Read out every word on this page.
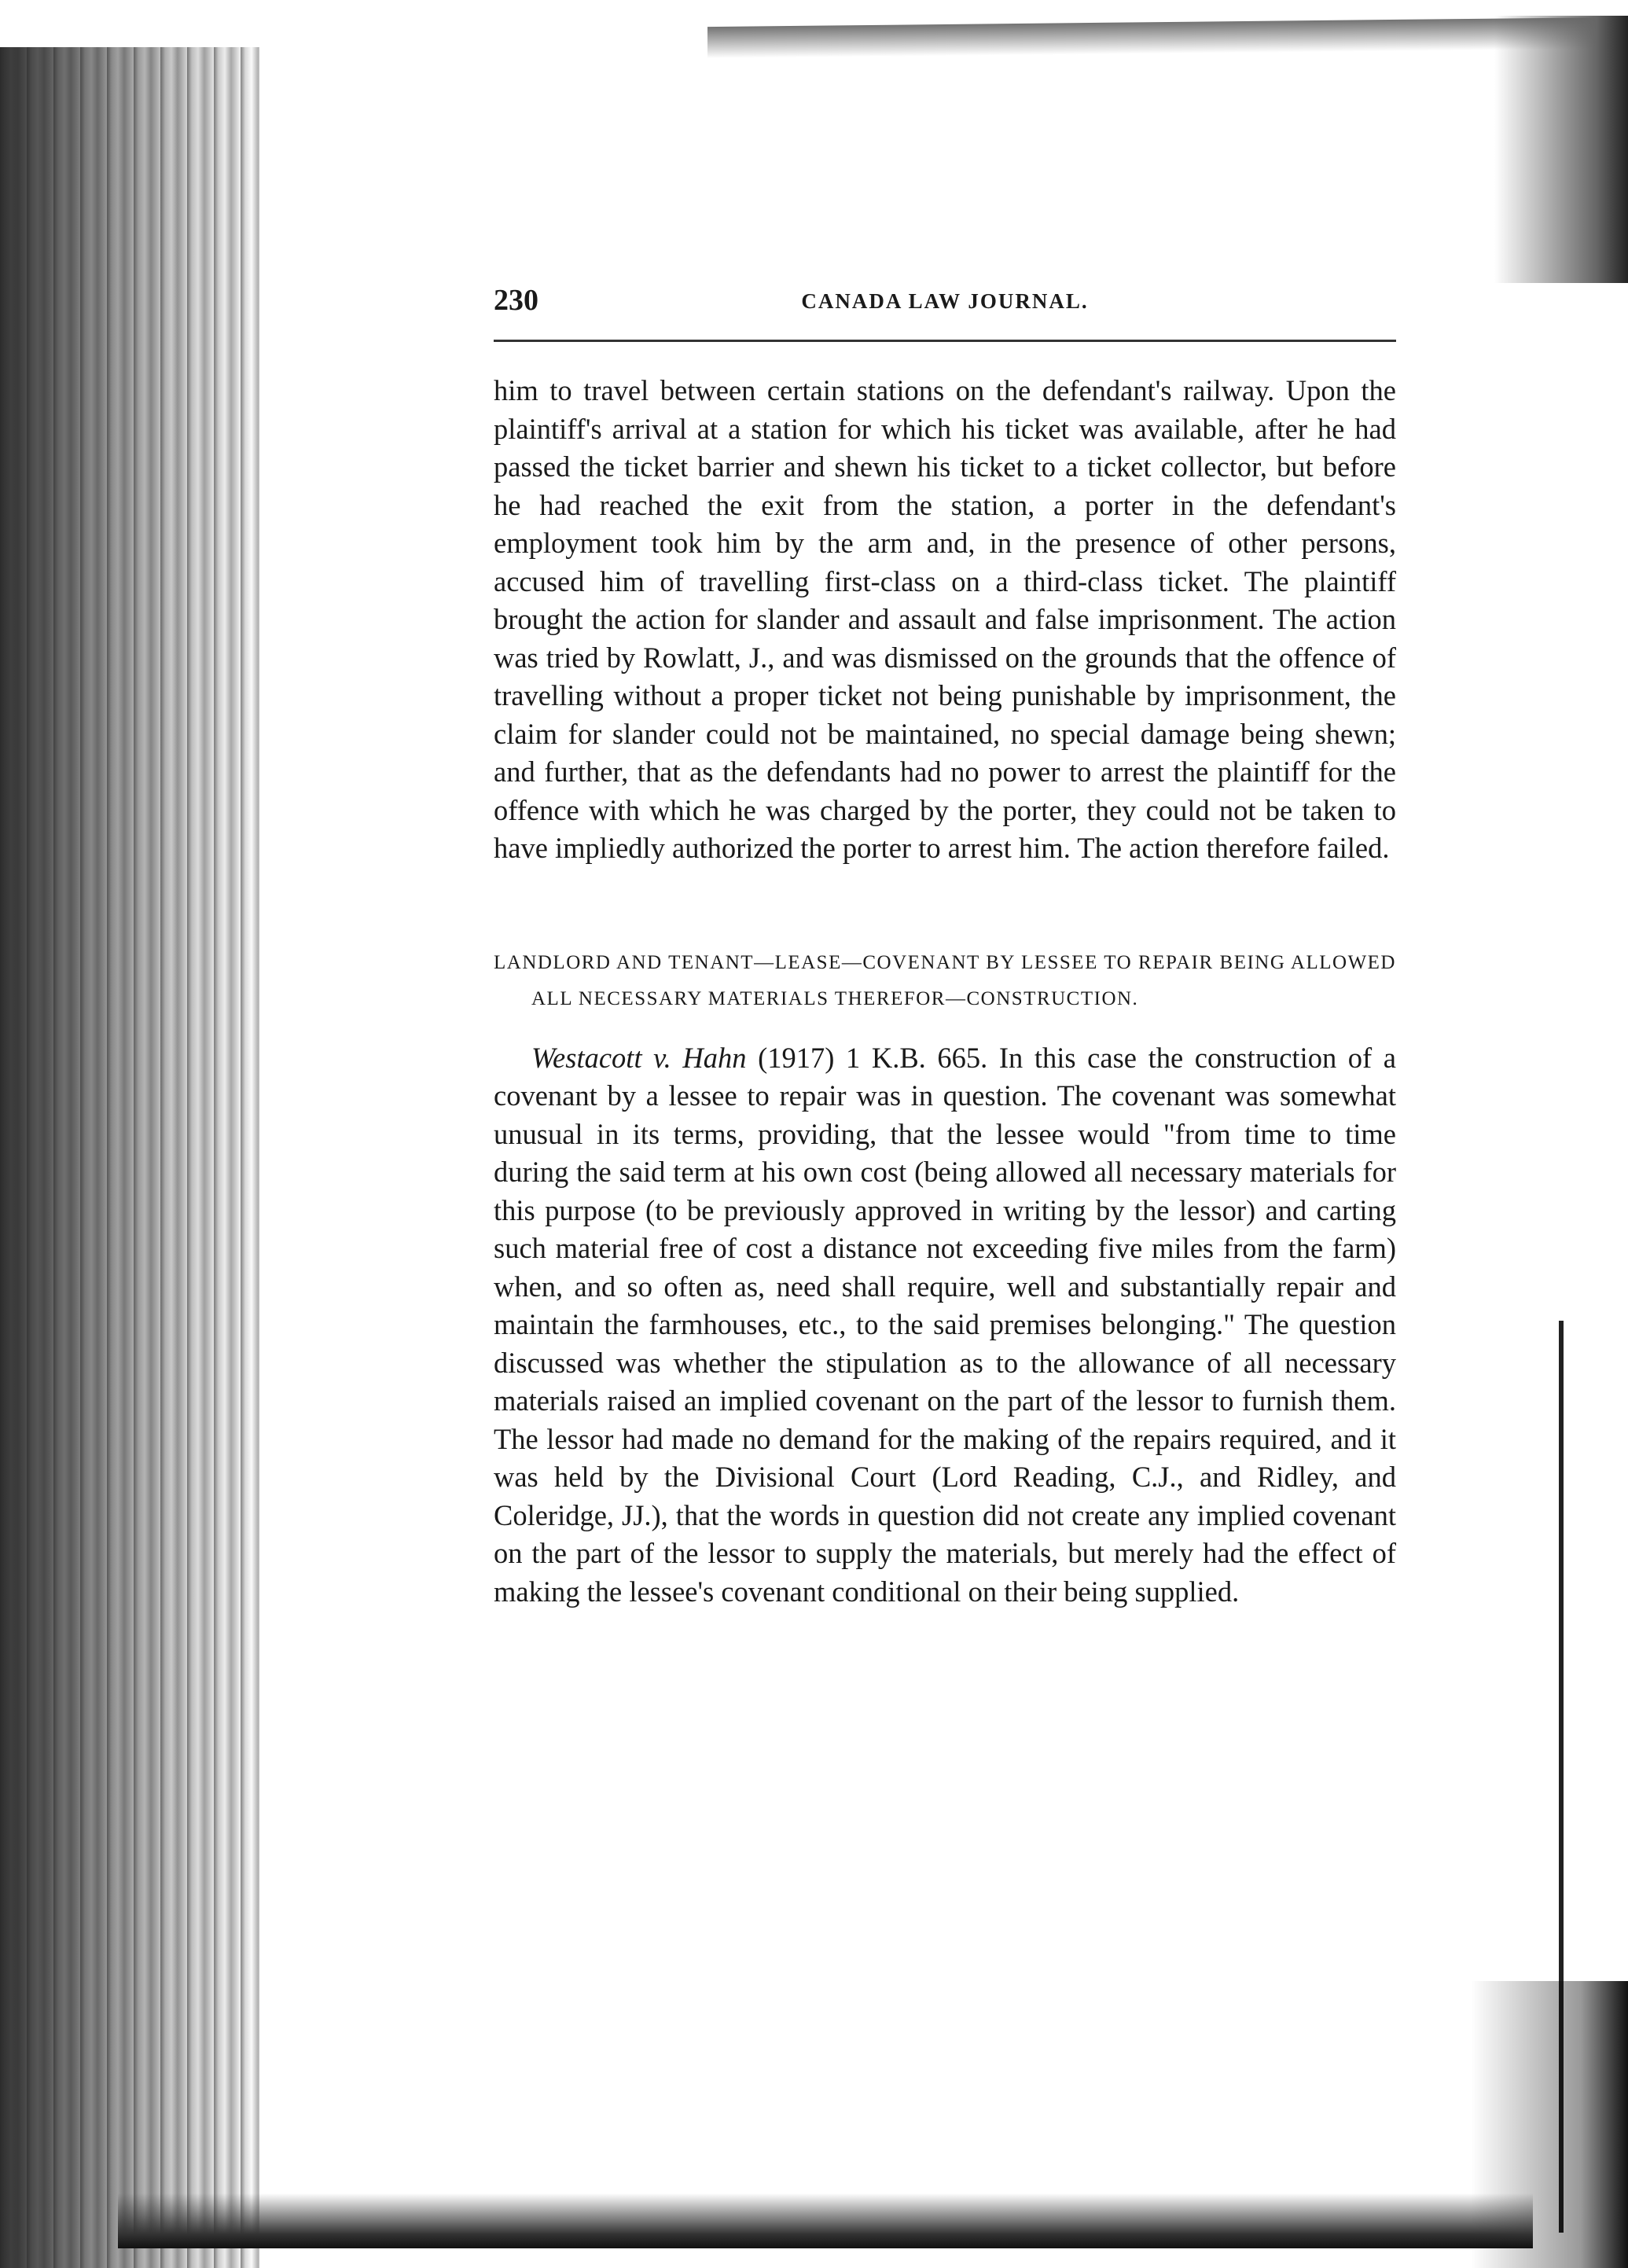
230	CANADA LAW JOURNAL.

him to travel between certain stations on the defendant's railway. Upon the plaintiff's arrival at a station for which his ticket was available, after he had passed the ticket barrier and shewn his ticket to a ticket collector, but before he had reached the exit from the station, a porter in the defendant's employment took him by the arm and, in the presence of other persons, accused him of travelling first-class on a third-class ticket. The plaintiff brought the action for slander and assault and false imprisonment. The action was tried by Rowlatt, J., and was dismissed on the grounds that the offence of travelling without a proper ticket not being punishable by imprisonment, the claim for slander could not be maintained, no special damage being shewn; and further, that as the defendants had no power to arrest the plaintiff for the offence with which he was charged by the porter, they could not be taken to have impliedly authorized the porter to arrest him. The action therefore failed.

LANDLORD AND TENANT—LEASE—COVENANT BY LESSEE TO REPAIR BEING ALLOWED ALL NECESSARY MATERIALS THEREFOR—CONSTRUCTION.

Westacott v. Hahn (1917) 1 K.B. 665. In this case the construction of a covenant by a lessee to repair was in question. The covenant was somewhat unusual in its terms, providing, that the lessee would "from time to time during the said term at his own cost (being allowed all necessary materials for this purpose (to be previously approved in writing by the lessor) and carting such material free of cost a distance not exceeding five miles from the farm) when, and so often as, need shall require, well and substantially repair and maintain the farmhouses, etc., to the said premises belonging." The question discussed was whether the stipulation as to the allowance of all necessary materials raised an implied covenant on the part of the lessor to furnish them. The lessor had made no demand for the making of the repairs required, and it was held by the Divisional Court (Lord Reading, C.J., and Ridley, and Coleridge, JJ.), that the words in question did not create any implied covenant on the part of the lessor to supply the materials, but merely had the effect of making the lessee's covenant conditional on their being supplied.
